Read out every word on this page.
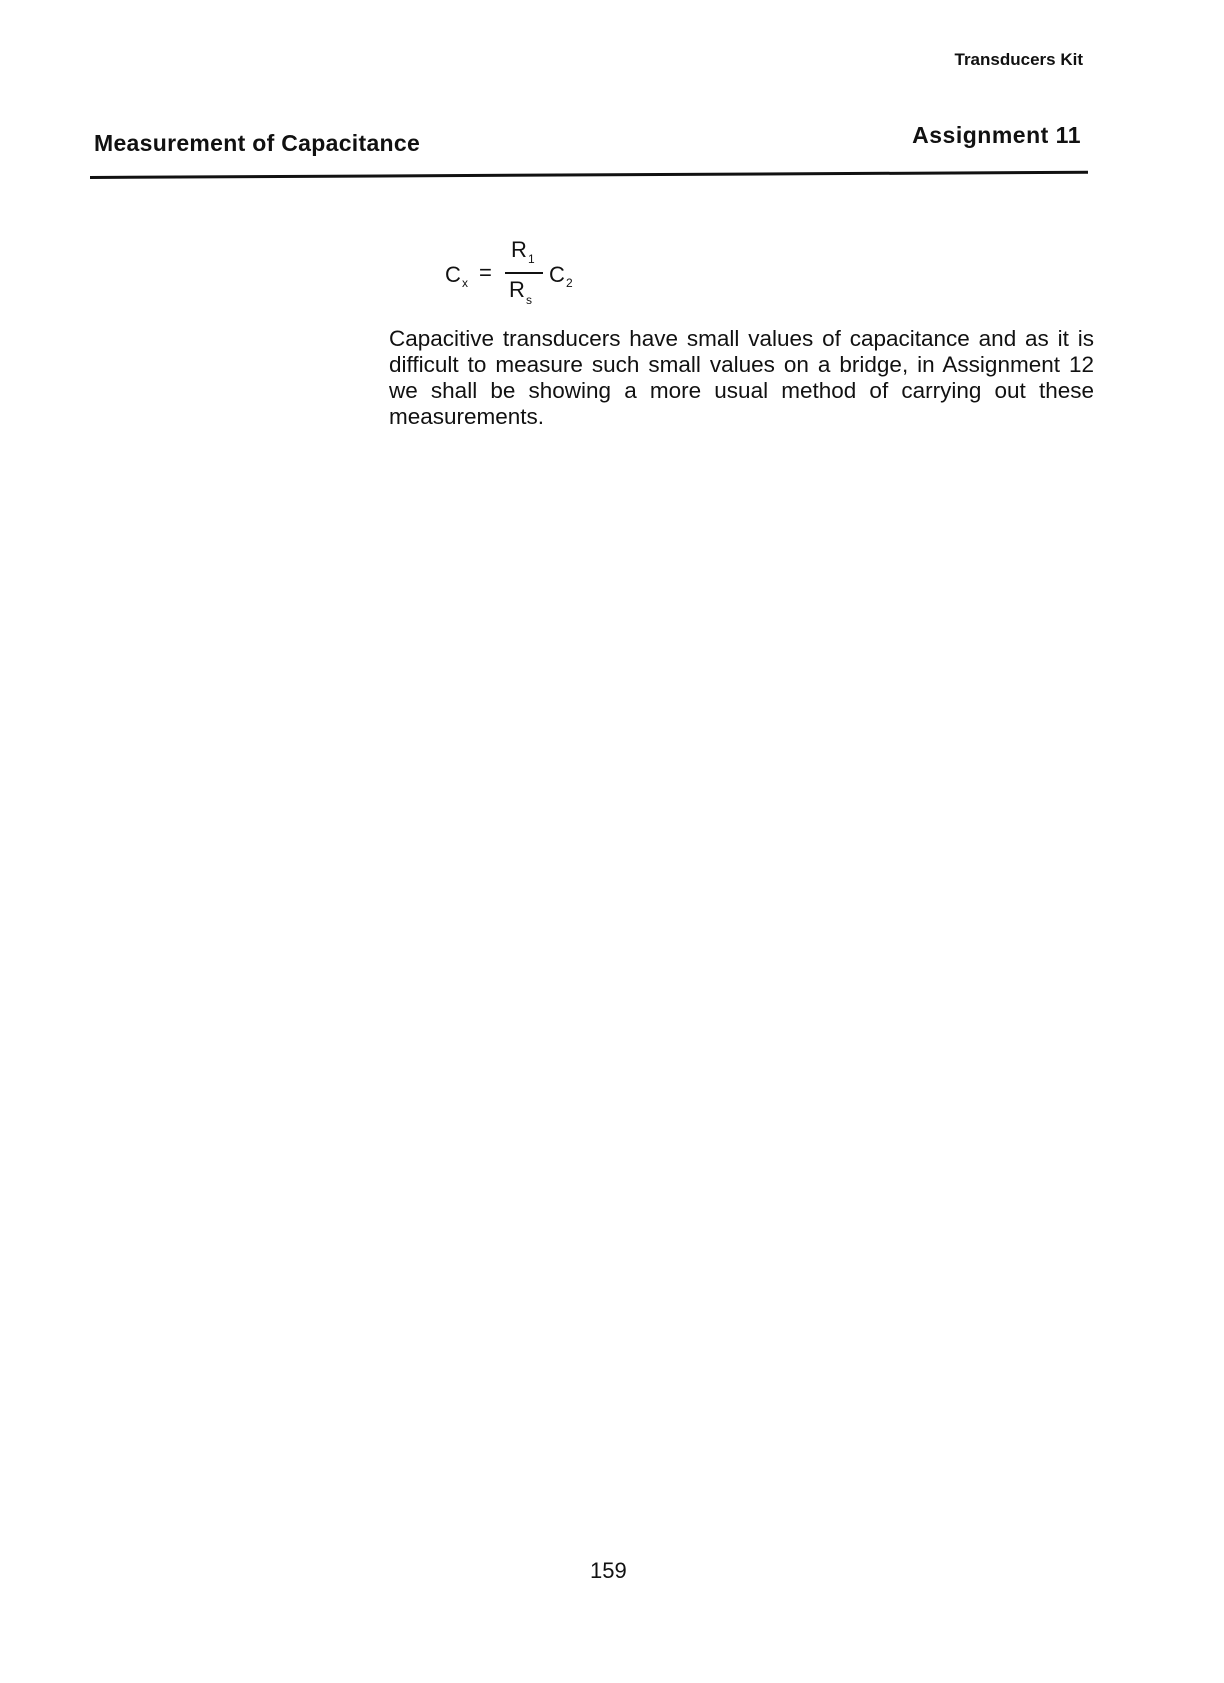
Transducers Kit
Measurement of Capacitance	Assignment 11
C x =
R 1
R s
C 2

Capacitive transducers have small values of capacitance and as it is difficult to measure such small values on a bridge, in Assignment 12 we shall be showing a more usual method of carrying out these measurements.

159
